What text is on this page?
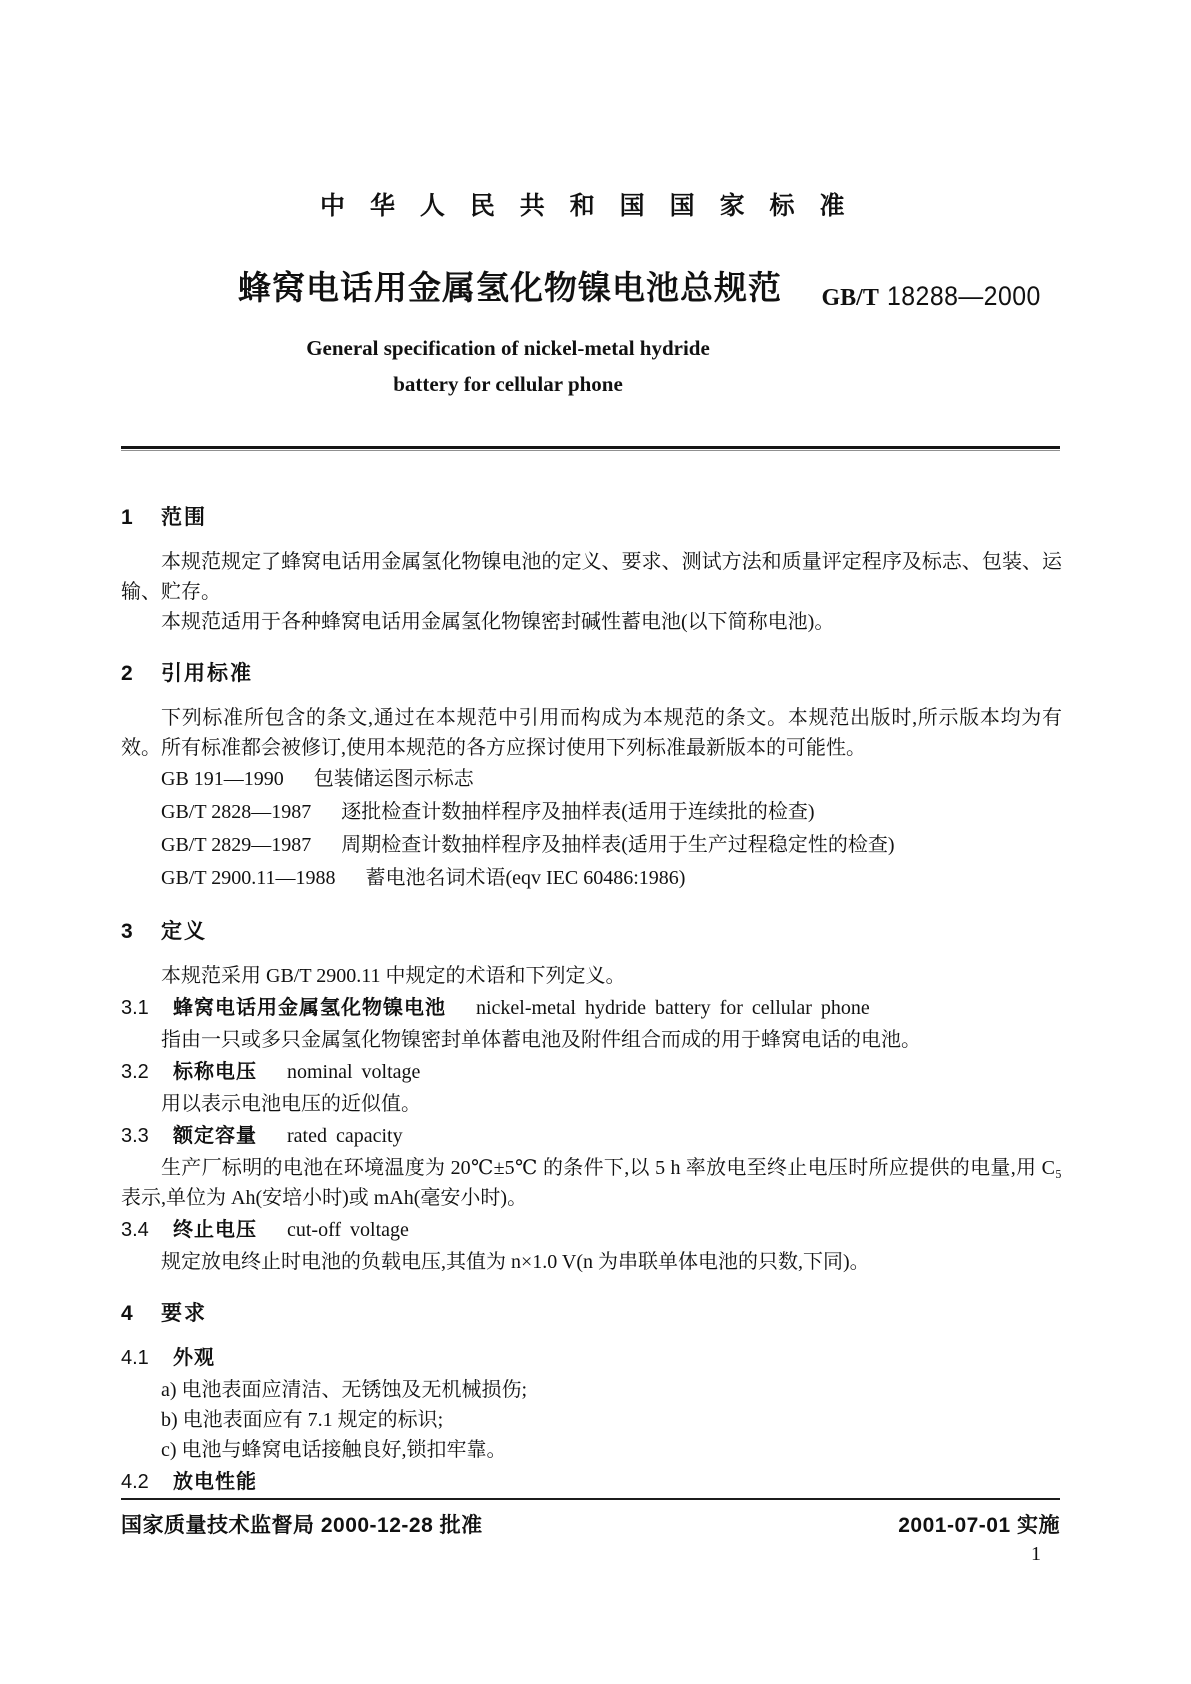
中 华 人 民 共 和 国 国 家 标 准
蜂窝电话用金属氢化物镍电池总规范 GB/T 18288—2000
General specification of nickel-metal hydride
battery for cellular phone
1 范围

本规范规定了蜂窝电话用金属氢化物镍电池的定义、要求、测试方法和质量评定程序及标志、包装、运输、贮存。

本规范适用于各种蜂窝电话用金属氢化物镍密封碱性蓄电池(以下简称电池)。

2 引用标准

下列标准所包含的条文,通过在本规范中引用而构成为本规范的条文。本规范出版时,所示版本均为有效。所有标准都会被修订,使用本规范的各方应探讨使用下列标准最新版本的可能性。

GB 191—1990 包装储运图示标志
GB/T 2828—1987 逐批检查计数抽样程序及抽样表(适用于连续批的检查)
GB/T 2829—1987 周期检查计数抽样程序及抽样表(适用于生产过程稳定性的检查)
GB/T 2900.11—1988 蓄电池名词术语(eqv IEC 60486:1986)
3 定义

本规范采用 GB/T 2900.11 中规定的术语和下列定义。

3.1 蜂窝电话用金属氢化物镍电池 nickel-metal hydride battery for cellular phone

指由一只或多只金属氢化物镍密封单体蓄电池及附件组合而成的用于蜂窝电话的电池。

3.2 标称电压 nominal voltage

用以表示电池电压的近似值。

3.3 额定容量 rated capacity

生产厂标明的电池在环境温度为 20℃±5℃ 的条件下,以 5 h 率放电至终止电压时所应提供的电量,用 C₅ 表示,单位为 Ah(安培小时)或 mAh(毫安小时)。

3.4 终止电压 cut-off voltage

规定放电终止时电池的负载电压,其值为 n×1.0 V(n 为串联单体电池的只数,下同)。

4 要求
4.1 外观
a) 电池表面应清洁、无锈蚀及无机械损伤;
b) 电池表面应有 7.1 规定的标识;
c) 电池与蜂窝电话接触良好,锁扣牢靠。
4.2 放电性能
国家质量技术监督局 2000-12-28 批准	2001-07-01 实施
1
